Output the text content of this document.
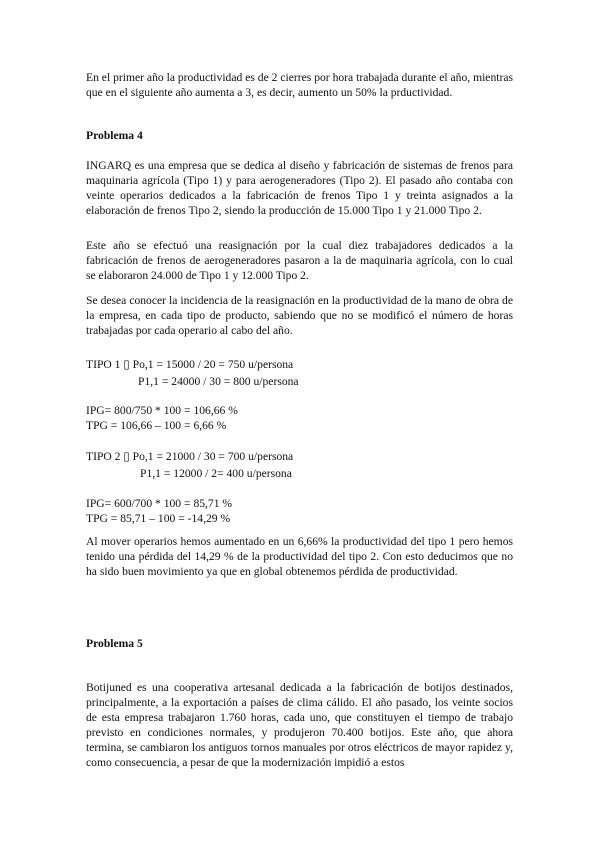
En el primer año la productividad es de 2 cierres por hora trabajada durante el año, mientras que en el siguiente año aumenta a 3, es decir, aumento un 50% la prductividad.

Problema 4

INGARQ es una empresa que se dedica al diseño y fabricación de sistemas de frenos para maquinaria agrícola (Tipo 1) y para aerogeneradores (Tipo 2). El pasado año contaba con veinte operarios dedicados a la fabricación de frenos Tipo 1 y treinta asignados a la elaboración de frenos Tipo 2, siendo la producción de 15.000 Tipo 1 y 21.000 Tipo 2.

Este año se efectuó una reasignación por la cual diez trabajadores dedicados a la fabricación de frenos de aerogeneradores pasaron a la de maquinaria agrícola, con lo cual se elaboraron 24.000 de Tipo 1 y 12.000 Tipo 2.

Se desea conocer la incidencia de la reasignación en la productividad de la mano de obra de la empresa, en cada tipo de producto, sabiendo que no se modificó el número de horas trabajadas por cada operario al cabo del año.

TIPO 1 ▯ Po,1 = 15000 / 20 = 750 u/persona
P1,1 = 24000 / 30 = 800 u/persona
IPG= 800/750 * 100 = 106,66 %
TPG = 106,66 – 100 = 6,66 %
TIPO 2 ▯ Po,1 = 21000 / 30 = 700 u/persona
P1,1 = 12000 / 2= 400 u/persona
IPG= 600/700 * 100 = 85,71 %
TPG = 85,71 – 100 = -14,29 %

Al mover operarios hemos aumentado en un 6,66% la productividad del tipo 1 pero hemos tenido una pérdida del 14,29 % de la productividad del tipo 2. Con esto deducimos que no ha sido buen movimiento ya que en global obtenemos pérdida de productividad.

Problema 5

Botijuned es una cooperativa artesanal dedicada a la fabricación de botijos destinados, principalmente, a la exportación a países de clima cálido. El año pasado, los veinte socios de esta empresa trabajaron 1.760 horas, cada uno, que constituyen el tiempo de trabajo previsto en condiciones normales, y produjeron 70.400 botijos. Este año, que ahora termina, se cambiaron los antiguos tornos manuales por otros eléctricos de mayor rapidez y, como consecuencia, a pesar de que la modernización impidió a estos
